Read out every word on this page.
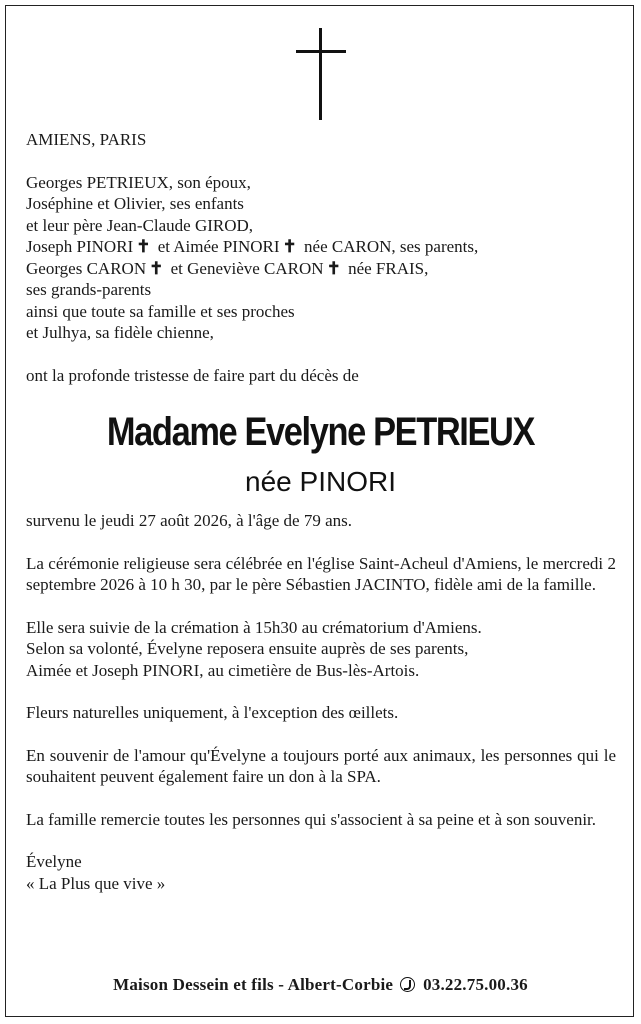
AMIENS, PARIS
Georges PETRIEUX, son époux,
Joséphine et Olivier, ses enfants
et leur père Jean-Claude GIROD,
Joseph PINORI ✝ et Aimée PINORI ✝ née CARON, ses parents,
Georges CARON ✝ et Geneviève CARON ✝ née FRAIS,
ses grands-parents
ainsi que toute sa famille et ses proches
et Julhya, sa fidèle chienne,
ont la profonde tristesse de faire part du décès de
Madame Evelyne PETRIEUX
née PINORI

survenu le jeudi 27 août 2026, à l'âge de 79 ans.

La cérémonie religieuse sera célébrée en l'église Saint-Acheul d'Amiens, le mercredi 2 septembre 2026 à 10 h 30, par le père Sébastien JACINTO, fidèle ami de la famille.

Elle sera suivie de la crémation à 15h30 au crématorium d'Amiens.
Selon sa volonté, Évelyne reposera ensuite auprès de ses parents,
Aimée et Joseph PINORI, au cimetière de Bus-lès-Artois.

Fleurs naturelles uniquement, à l'exception des œillets.

En souvenir de l'amour qu'Évelyne a toujours porté aux animaux, les personnes qui le souhaitent peuvent également faire un don à la SPA.

La famille remercie toutes les personnes qui s'associent à sa peine et à son souvenir.

Évelyne
« La Plus que vive »

Maison Dessein et fils - Albert-Corbie 03.22.75.00.36
